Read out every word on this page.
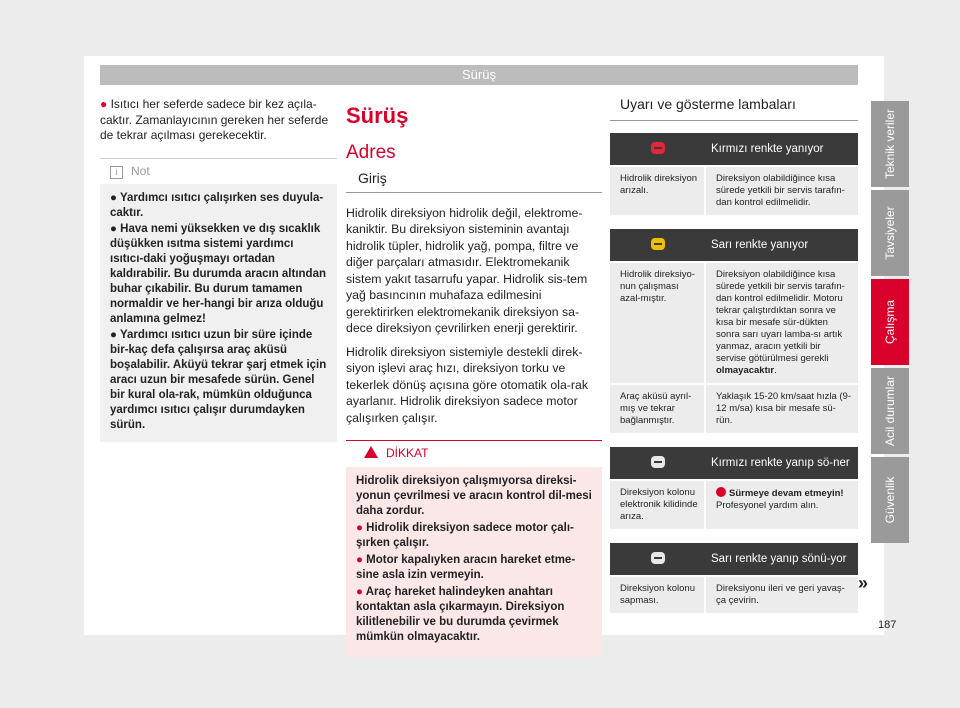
Sürüş

● Isıtıcı her seferde sadece bir kez açıla-caktır. Zamanlayıcının gereken her seferde de tekrar açılması gerekecektir.

i Not
● Yardımcı ısıtıcı çalışırken ses duyula-caktır.
● Hava nemi yüksekken ve dış sıcaklık düşükken ısıtma sistemi yardımcı ısıtıcı-daki yoğuşmayı ortadan kaldırabilir. Bu durumda aracın altından buhar çıkabilir. Bu durum tamamen normaldir ve her-hangi bir arıza olduğu anlamına gelmez!
● Yardımcı ısıtıcı uzun bir süre içinde bir-kaç defa çalışırsa araç aküsü boşalabilir. Aküyü tekrar şarj etmek için aracı uzun bir mesafede sürün. Genel bir kural ola-rak, mümkün olduğunca yardımcı ısıtıcı çalışır durumdayken sürün.
Sürüş
Adres
Giriş

Hidrolik direksiyon hidrolik değil, elektrome-kaniktir. Bu direksiyon sisteminin avantajı hidrolik tüpler, hidrolik yağ, pompa, filtre ve diğer parçaları atmasıdır. Elektromekanik sistem yakıt tasarrufu yapar. Hidrolik sis-tem yağ basıncının muhafaza edilmesini gerektirirken elektromekanik direksiyon sa-dece direksiyon çevrilirken enerji gerektirir.

Hidrolik direksiyon sistemiyle destekli direk-siyon işlevi araç hızı, direksiyon torku ve tekerlek dönüş açısına göre otomatik ola-rak ayarlanır. Hidrolik direksiyon sadece motor çalışırken çalışır.

DİKKAT
Hidrolik direksiyon çalışmıyorsa direksi-yonun çevrilmesi ve aracın kontrol dil-mesi daha zordur.
● Hidrolik direksiyon sadece motor çalı-şırken çalışır.
● Motor kapalıyken aracın hareket etme-sine asla izin vermeyin.
● Araç hareket halindeyken anahtarı kontaktan asla çıkarmayın. Direksiyon kilitlenebilir ve bu durumda çevirmek mümkün olmayacaktır.
Uyarı ve gösterme lambaları
	Kırmızı renkte yanıyor
Hidrolik direksiyon arızalı.	Direksiyon olabildiğince kısa sürede yetkili bir servis tarafın-dan kontrol edilmelidir.
	Sarı renkte yanıyor
Hidrolik direksiyo-nun çalışması azal-mıştır.	Direksiyon olabildiğince kısa sürede yetkili bir servis tarafın-dan kontrol edilmelidir. Motoru tekrar çalıştırdıktan sonra ve kısa bir mesafe sür-dükten sonra sarı uyarı lamba-sı artık yanmaz, aracın yetkili bir servise götürülmesi gerekli olmayacaktır.
Araç aküsü ayrıl-mış ve tekrar bağlanmıştır.	Yaklaşık 15-20 km/saat hızla (9-12 m/sa) kısa bir mesafe sü-rün.
	Kırmızı renkte yanıp sö-ner
Direksiyon kolonu elektronik kilidinde arıza.	Sürmeye devam etmeyin!
Profesyonel yardım alın.
	Sarı renkte yanıp sönü-yor
Direksiyon kolonu sapması.	Direksiyonu ileri ve geri yavaş-ça çevirin.
»
Teknik veriler
Tavsiyeler
Çalışma
Acil durumlar
Güvenlik
187
